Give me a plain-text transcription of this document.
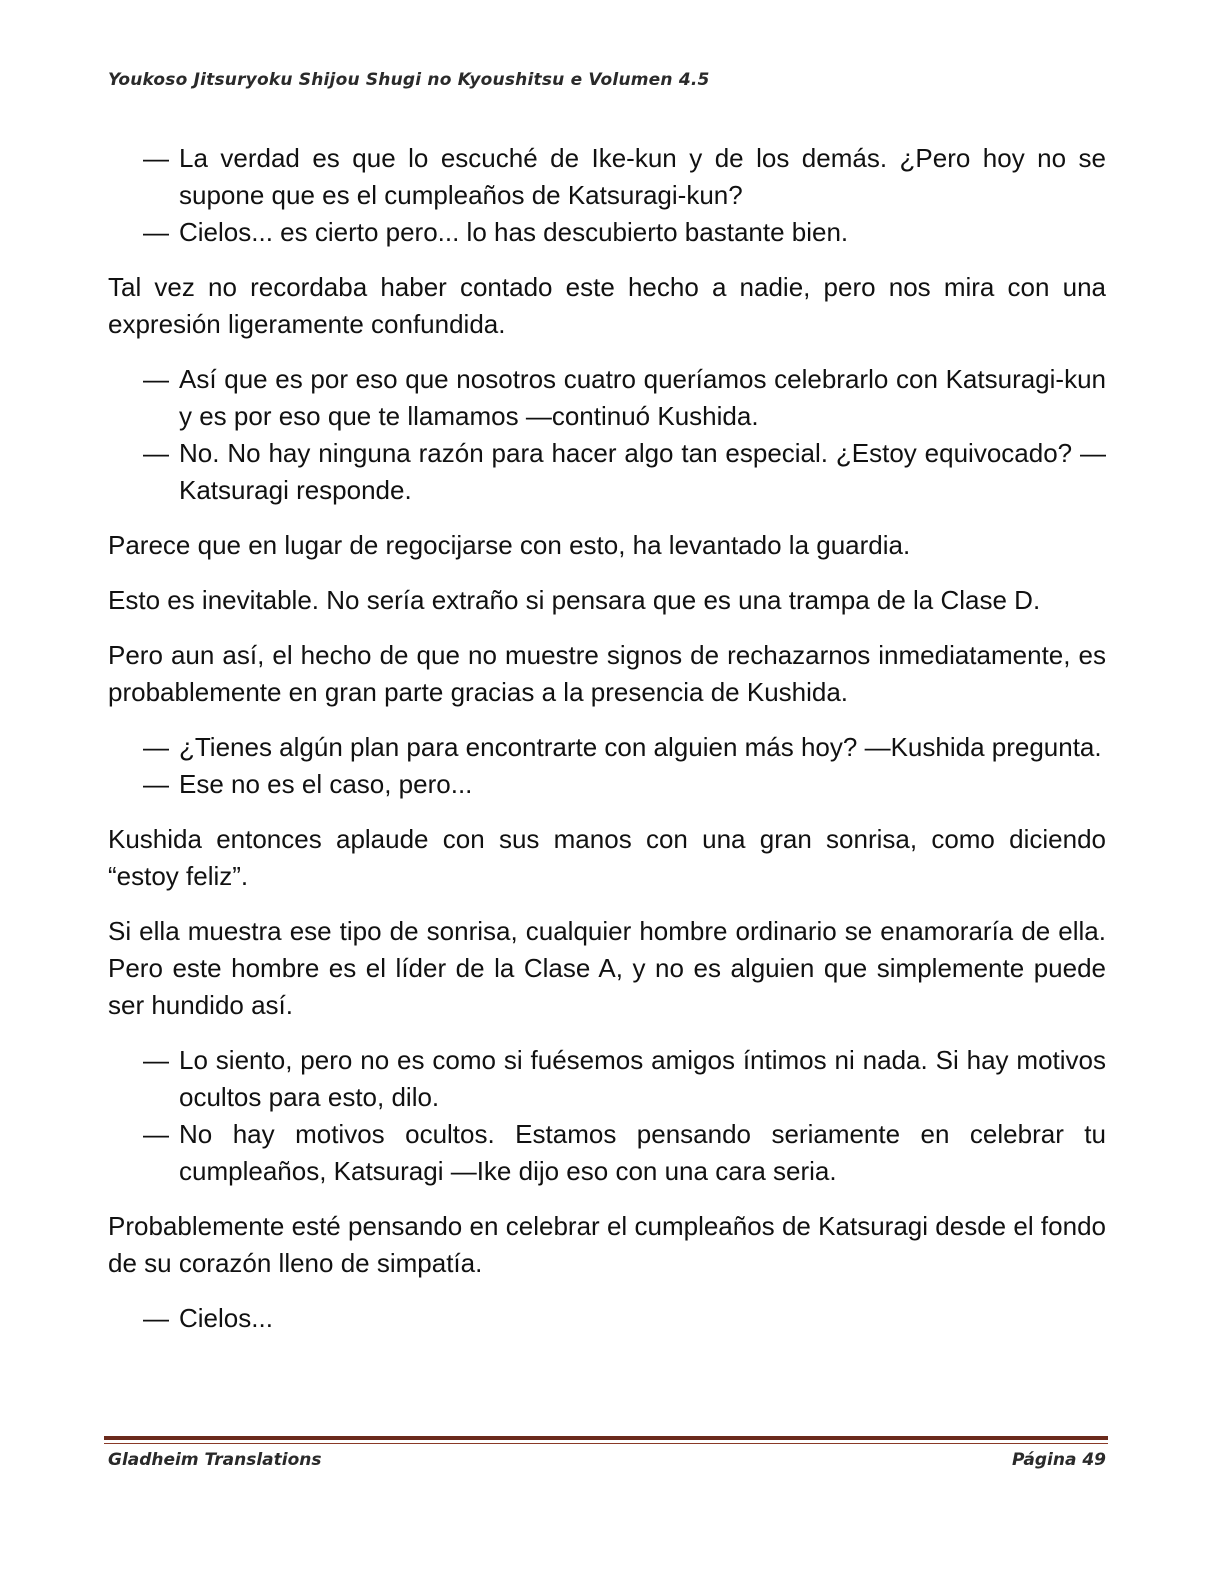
Youkoso Jitsuryoku Shijou Shugi no Kyoushitsu e Volumen 4.5
— La verdad es que lo escuché de Ike-kun y de los demás. ¿Pero hoy no se supone que es el cumpleaños de Katsuragi-kun?
— Cielos... es cierto pero... lo has descubierto bastante bien.
Tal vez no recordaba haber contado este hecho a nadie, pero nos mira con una expresión ligeramente confundida.
— Así que es por eso que nosotros cuatro queríamos celebrarlo con Katsuragi-kun y es por eso que te llamamos —continuó Kushida.
— No. No hay ninguna razón para hacer algo tan especial. ¿Estoy equivocado? —Katsuragi responde.
Parece que en lugar de regocijarse con esto, ha levantado la guardia.
Esto es inevitable. No sería extraño si pensara que es una trampa de la Clase D.
Pero aun así, el hecho de que no muestre signos de rechazarnos inmediatamente, es probablemente en gran parte gracias a la presencia de Kushida.
— ¿Tienes algún plan para encontrarte con alguien más hoy? —Kushida pregunta.
— Ese no es el caso, pero...
Kushida entonces aplaude con sus manos con una gran sonrisa, como diciendo “estoy feliz”.
Si ella muestra ese tipo de sonrisa, cualquier hombre ordinario se enamoraría de ella. Pero este hombre es el líder de la Clase A, y no es alguien que simplemente puede ser hundido así.
— Lo siento, pero no es como si fuésemos amigos íntimos ni nada. Si hay motivos ocultos para esto, dilo.
— No hay motivos ocultos. Estamos pensando seriamente en celebrar tu cumpleaños, Katsuragi —Ike dijo eso con una cara seria.
Probablemente esté pensando en celebrar el cumpleaños de Katsuragi desde el fondo de su corazón lleno de simpatía.
— Cielos...
Gladheim Translations	Página 49
